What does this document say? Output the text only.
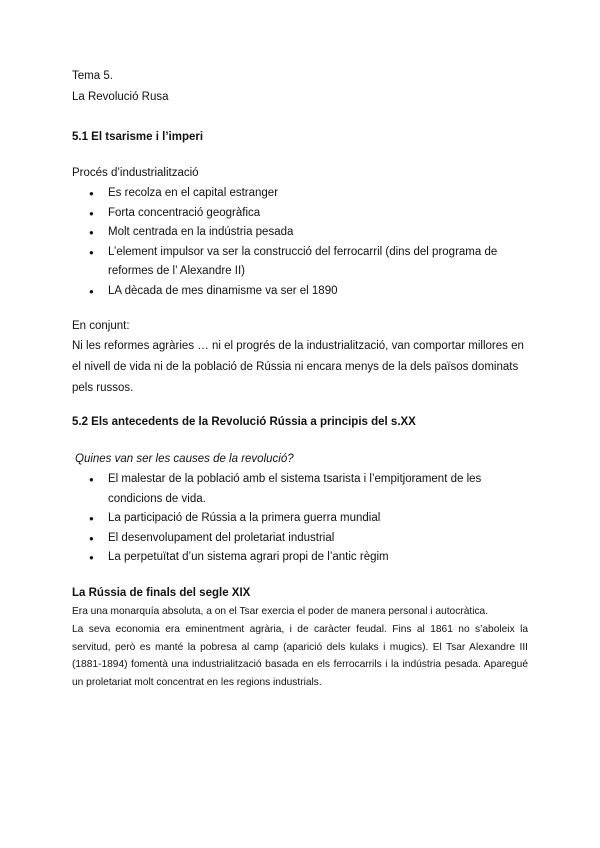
Tema 5.
La Revolució Rusa
5.1 El tsarisme i l’imperi
Procés d’industrialització
● Es recolza en el capital estranger
● Forta concentració geogràfica
● Molt centrada en la indústria pesada
● L’element impulsor va ser la construcció del ferrocarril (dins del programa de reformes de l’ Alexandre II)
● LA dècada de mes dinamisme va ser el 1890
En conjunt:
Ni les reformes agràries … ni el progrés de la industrialització, van comportar millores en el nivell de vida ni de la població de Rússia ni encara menys de la dels països dominats pels russos.
5.2 Els antecedents de la Revolució Rússia a principis del s.XX
Quines van ser les causes de la revolució?
● El malestar de la població amb el sistema tsarista i l’empitjorament de les condicions de vida.
● La participació de Rússia a la primera guerra mundial
● El desenvolupament del proletariat industrial
● La perpetuïtat d’un sistema agrari propi de l’antic règim
La Rússia de finals del segle XIX
Era una monarquía absoluta, a on el Tsar exercia el poder de manera personal i autocràtica.
La seva economia era eminentment agrària, i de caràcter feudal. Fins al 1861 no s’aboleix la servitud, però es manté la pobresa al camp (aparició dels kulaks i mugics). El Tsar Alexandre III (1881-1894) fomentà una industrialització basada en els ferrocarrils i la indústria pesada. Aparegué un proletariat molt concentrat en les regions industrials.
